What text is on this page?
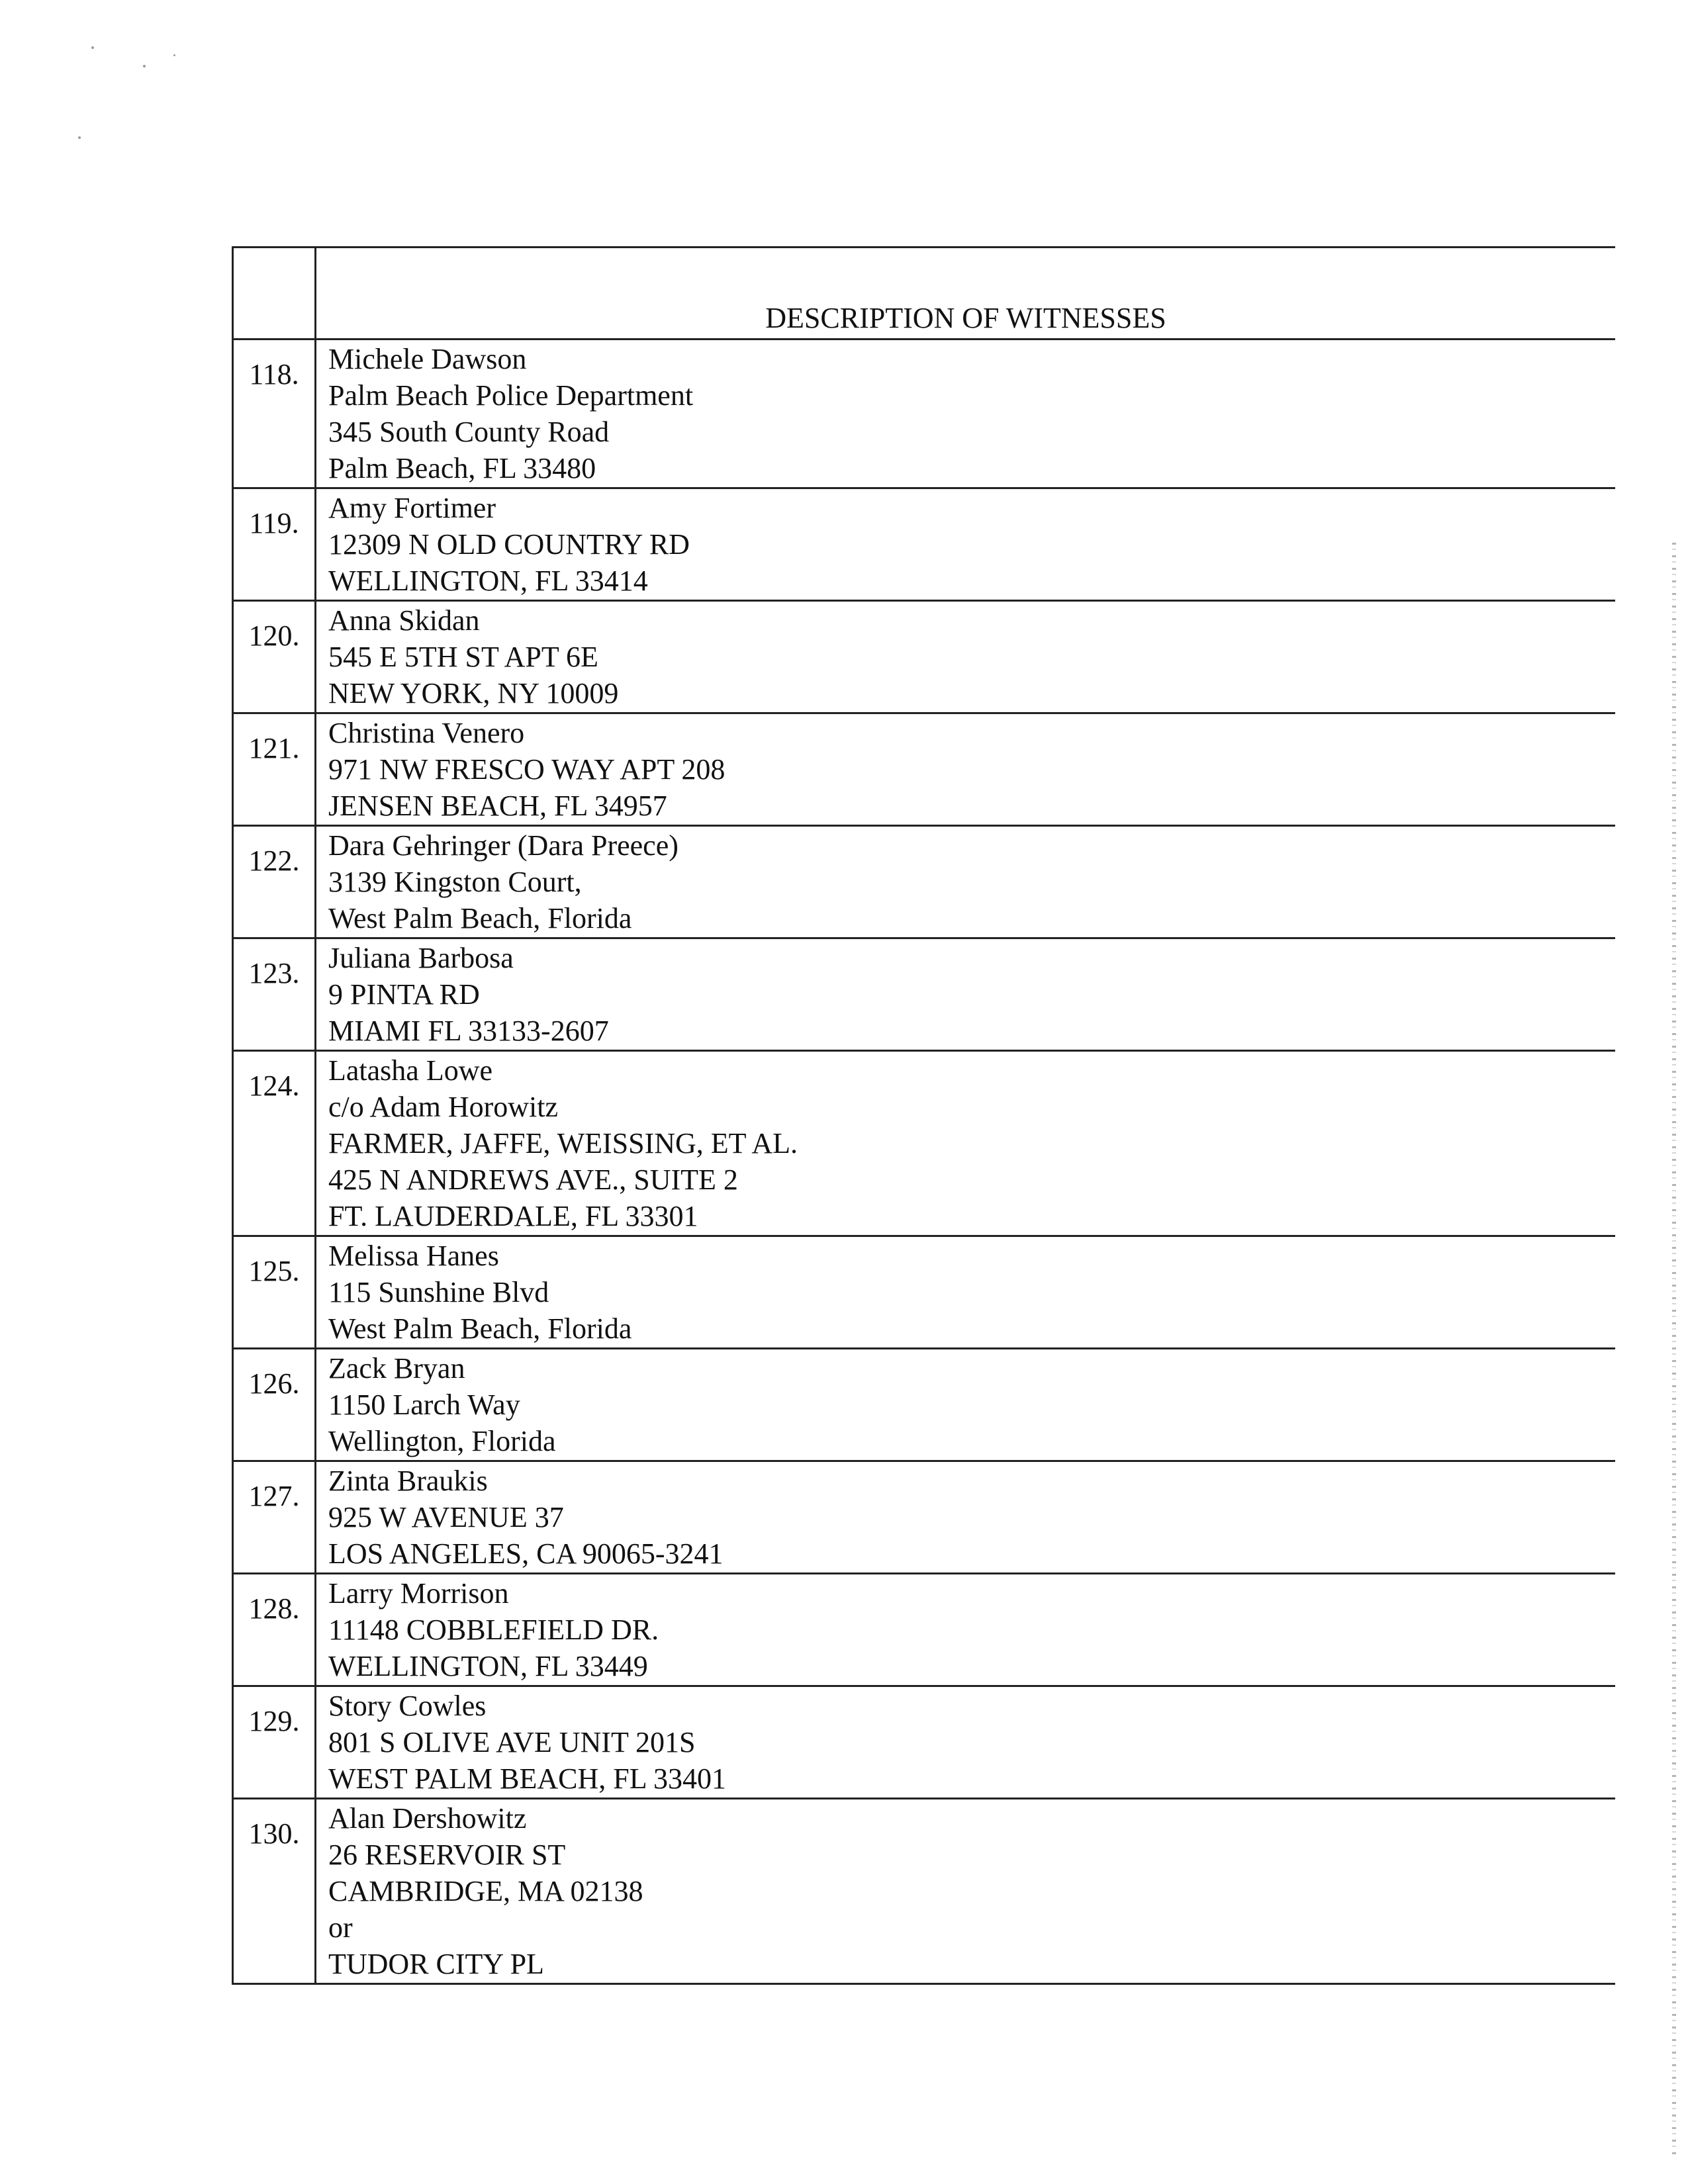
	DESCRIPTION OF WITNESSES
118.	Michele Dawson
Palm Beach Police Department
345 South County Road
Palm Beach, FL 33480

119.	Amy Fortimer
12309 N OLD COUNTRY RD
WELLINGTON, FL 33414

120.	Anna Skidan
545 E 5TH ST APT 6E
NEW YORK, NY 10009

121.	Christina Venero
971 NW FRESCO WAY APT 208
JENSEN BEACH, FL 34957

122.	Dara Gehringer (Dara Preece)
3139 Kingston Court,
West Palm Beach, Florida

123.	Juliana Barbosa
9 PINTA RD
MIAMI FL 33133-2607

124.	Latasha Lowe
c/o Adam Horowitz
FARMER, JAFFE, WEISSING, ET AL.
425 N ANDREWS AVE., SUITE 2
FT. LAUDERDALE, FL 33301

125.	Melissa Hanes
115 Sunshine Blvd
West Palm Beach, Florida

126.	Zack Bryan
1150 Larch Way
Wellington, Florida

127.	Zinta Braukis
925 W AVENUE 37
LOS ANGELES, CA 90065-3241

128.	Larry Morrison
11148 COBBLEFIELD DR.
WELLINGTON, FL 33449

129.	Story Cowles
801 S OLIVE AVE UNIT 201S
WEST PALM BEACH, FL 33401

130.	Alan Dershowitz
26 RESERVOIR ST
CAMBRIDGE, MA 02138
or
TUDOR CITY PL
